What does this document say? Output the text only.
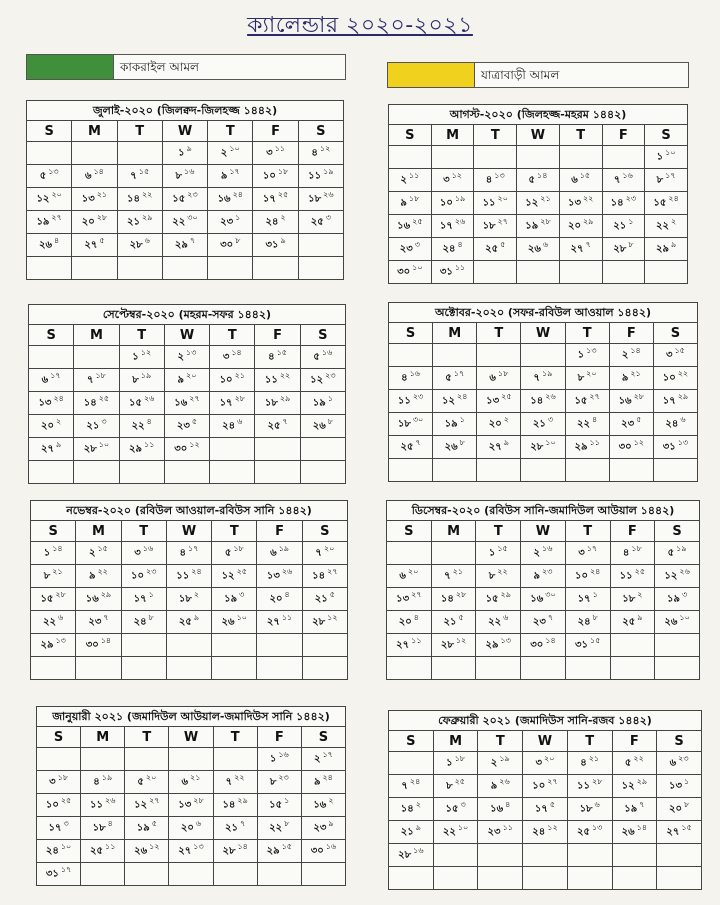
ক্যালেন্ডার ২০২০-২০২১
কাকরাইল আমল
যাত্রাবাড়ী আমল
জুলাই-২০২০ (জিলক্বদ-জিলহজ্জ ১৪৪২)
S	M	T	W	T	F	S
			১ $^৯$	২ $^{১০}$	৩ $^{১১}$	৪ $^{১২}$
৫ $^{১৩}$	৬ $^{১৪}$	৭ $^{১৫}$	৮ $^{১৬}$	৯ $^{১৭}$	১০ $^{১৮}$	১১ $^{১৯}$
১২ $^{২০}$	১৩ $^{২১}$	১৪ $^{২২}$	১৫ $^{২৩}$	১৬ $^{২৪}$	১৭ $^{২৫}$	১৮ $^{২৬}$
১৯ $^{২৭}$	২০ $^{২৮}$	২১ $^{২৯}$	২২ $^{৩০}$	২৩ $^১$	২৪ $^২$	২৫ $^৩$
২৬ $^৪$	২৭ $^৫$	২৮ $^৬$	২৯ $^৭$	৩০ $^৮$	৩১ $^৯$	

আগস্ট-২০২০ (জিলহজ্জ-মহরম ১৪৪২)
S	M	T	W	T	F	S
						১ $^{১০}$
২ $^{১১}$	৩ $^{১২}$	৪ $^{১৩}$	৫ $^{১৪}$	৬ $^{১৫}$	৭ $^{১৬}$	৮ $^{১৭}$
৯ $^{১৮}$	১০ $^{১৯}$	১১ $^{২০}$	১২ $^{২১}$	১৩ $^{২২}$	১৪ $^{২৩}$	১৫ $^{২৪}$
১৬ $^{২৫}$	১৭ $^{২৬}$	১৮ $^{২৭}$	১৯ $^{২৮}$	২০ $^{২৯}$	২১ $^১$	২২ $^২$
২৩ $^৩$	২৪ $^৪$	২৫ $^৫$	২৬ $^৬$	২৭ $^৭$	২৮ $^৮$	২৯ $^৯$
৩০ $^{১০}$	৩১ $^{১১}$					
সেপ্টেম্বর-২০২০ (মহরম-সফর ১৪৪২)
S	M	T	W	T	F	S
		১ $^{১২}$	২ $^{১৩}$	৩ $^{১৪}$	৪ $^{১৫}$	৫ $^{১৬}$
৬ $^{১৭}$	৭ $^{১৮}$	৮ $^{১৯}$	৯ $^{২০}$	১০ $^{২১}$	১১ $^{২২}$	১২ $^{২৩}$
১৩ $^{২৪}$	১৪ $^{২৫}$	১৫ $^{২৬}$	১৬ $^{২৭}$	১৭ $^{২৮}$	১৮ $^{২৯}$	১৯ $^১$
২০ $^২$	২১ $^৩$	২২ $^৪$	২৩ $^৫$	২৪ $^৬$	২৫ $^৭$	২৬ $^৮$
২৭ $^৯$	২৮ $^{১০}$	২৯ $^{১১}$	৩০ $^{১২}$			

অক্টোবর-২০২০ (সফর-রবিউল আওয়াল ১৪৪২)
S	M	T	W	T	F	S
				১ $^{১৩}$	২ $^{১৪}$	৩ $^{১৫}$
৪ $^{১৬}$	৫ $^{১৭}$	৬ $^{১৮}$	৭ $^{১৯}$	৮ $^{২০}$	৯ $^{২১}$	১০ $^{২২}$
১১ $^{২৩}$	১২ $^{২৪}$	১৩ $^{২৫}$	১৪ $^{২৬}$	১৫ $^{২৭}$	১৬ $^{২৮}$	১৭ $^{২৯}$
১৮ $^{৩০}$	১৯ $^১$	২০ $^২$	২১ $^৩$	২২ $^৪$	২৩ $^৫$	২৪ $^৬$
২৫ $^৭$	২৬ $^৮$	২৭ $^৯$	২৮ $^{১০}$	২৯ $^{১১}$	৩০ $^{১২}$	৩১ $^{১৩}$

নভেম্বর-২০২০ (রবিউল আওয়াল-রবিউস সানি ১৪৪২)
S	M	T	W	T	F	S
১ $^{১৪}$	২ $^{১৫}$	৩ $^{১৬}$	৪ $^{১৭}$	৫ $^{১৮}$	৬ $^{১৯}$	৭ $^{২০}$
৮ $^{২১}$	৯ $^{২২}$	১০ $^{২৩}$	১১ $^{২৪}$	১২ $^{২৫}$	১৩ $^{২৬}$	১৪ $^{২৭}$
১৫ $^{২৮}$	১৬ $^{২৯}$	১৭ $^১$	১৮ $^২$	১৯ $^৩$	২০ $^৪$	২১ $^৫$
২২ $^৬$	২৩ $^৭$	২৪ $^৮$	২৫ $^৯$	২৬ $^{১০}$	২৭ $^{১১}$	২৮ $^{১২}$
২৯ $^{১৩}$	৩০ $^{১৪}$					

ডিসেম্বর-২০২০ (রবিউস সানি-জমাদিউল আউয়াল ১৪৪২)
S	M	T	W	T	F	S
		১ $^{১৫}$	২ $^{১৬}$	৩ $^{১৭}$	৪ $^{১৮}$	৫ $^{১৯}$
৬ $^{২০}$	৭ $^{২১}$	৮ $^{২২}$	৯ $^{২৩}$	১০ $^{২৪}$	১১ $^{২৫}$	১২ $^{২৬}$
১৩ $^{২৭}$	১৪ $^{২৮}$	১৫ $^{২৯}$	১৬ $^{৩০}$	১৭ $^১$	১৮ $^২$	১৯ $^৩$
২০ $^৪$	২১ $^৫$	২২ $^৬$	২৩ $^৭$	২৪ $^৮$	২৫ $^৯$	২৬ $^{১০}$
২৭ $^{১১}$	২৮ $^{১২}$	২৯ $^{১৩}$	৩০ $^{১৪}$	৩১ $^{১৫}$		

জানুয়ারী ২০২১ (জমাদিউল আউয়াল-জমাদিউস সানি ১৪৪২)
S	M	T	W	T	F	S
					১ $^{১৬}$	২ $^{১৭}$
৩ $^{১৮}$	৪ $^{১৯}$	৫ $^{২০}$	৬ $^{২১}$	৭ $^{২২}$	৮ $^{২৩}$	৯ $^{২৪}$
১০ $^{২৫}$	১১ $^{২৬}$	১২ $^{২৭}$	১৩ $^{২৮}$	১৪ $^{২৯}$	১৫ $^১$	১৬ $^২$
১৭ $^৩$	১৮ $^৪$	১৯ $^৫$	২০ $^৬$	২১ $^৭$	২২ $^৮$	২৩ $^৯$
২৪ $^{১০}$	২৫ $^{১১}$	২৬ $^{১২}$	২৭ $^{১৩}$	২৮ $^{১৪}$	২৯ $^{১৫}$	৩০ $^{১৬}$
৩১ $^{১৭}$						
ফেব্রুয়ারী ২০২১ (জমাদিউস সানি-রজব ১৪৪২)
S	M	T	W	T	F	S
	১ $^{১৮}$	২ $^{১৯}$	৩ $^{২০}$	৪ $^{২১}$	৫ $^{২২}$	৬ $^{২৩}$
৭ $^{২৪}$	৮ $^{২৫}$	৯ $^{২৬}$	১০ $^{২৭}$	১১ $^{২৮}$	১২ $^{২৯}$	১৩ $^১$
১৪ $^২$	১৫ $^৩$	১৬ $^৪$	১৭ $^৫$	১৮ $^৬$	১৯ $^৭$	২০ $^৮$
২১ $^৯$	২২ $^{১০}$	২৩ $^{১১}$	২৪ $^{১২}$	২৫ $^{১৩}$	২৬ $^{১৪}$	২৭ $^{১৫}$
২৮ $^{১৬}$						
